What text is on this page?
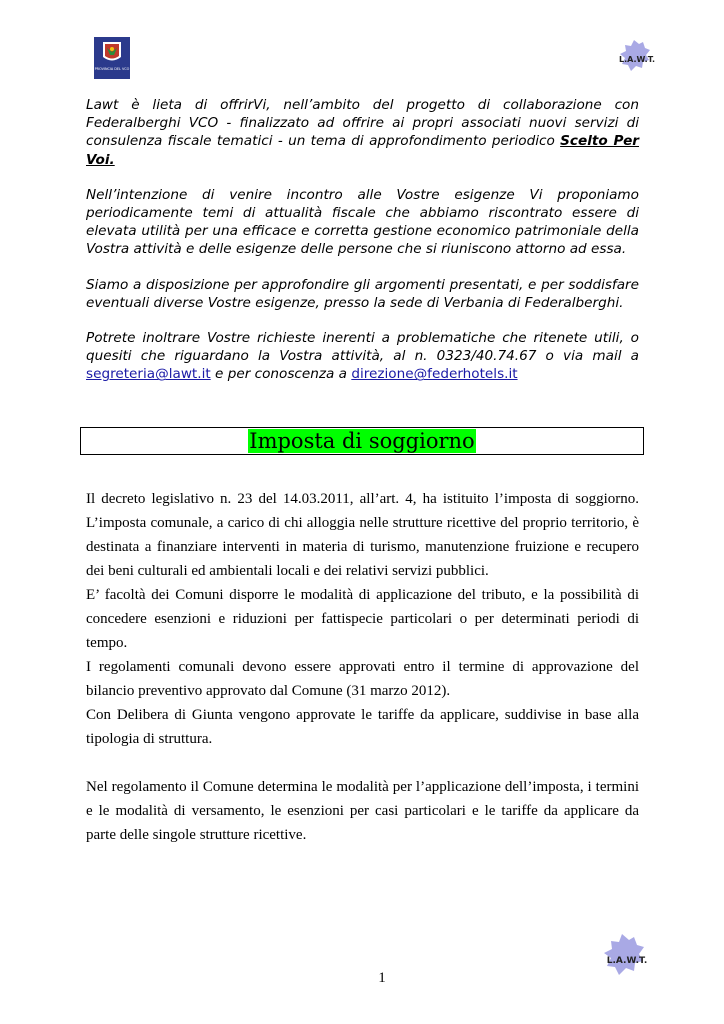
PROVINCIA DEL VCO
L.A.W.T.

Lawt è lieta di offrirVi, nell’ambito del progetto di collaborazione con Federalberghi VCO - finalizzato ad offrire ai propri associati nuovi servizi di consulenza fiscale tematici - un tema di approfondimento periodico Scelto Per Voi.

Nell’intenzione di venire incontro alle Vostre esigenze Vi proponiamo periodicamente temi di attualità fiscale che abbiamo riscontrato essere di elevata utilità per una efficace e corretta gestione economico patrimoniale della Vostra attività e delle esigenze delle persone che si riuniscono attorno ad essa.

Siamo a disposizione per approfondire gli argomenti presentati, e per soddisfare eventuali diverse Vostre esigenze, presso la sede di Verbania di Federalberghi.

Potrete inoltrare Vostre richieste inerenti a problematiche che ritenete utili, o quesiti che riguardano la Vostra attività, al n. 0323/40.74.67 o via mail a segreteria@lawt.it e per conoscenza a direzione@federhotels.it

Imposta di soggiorno

Il decreto legislativo n. 23 del 14.03.2011, all’art. 4, ha istituito l’imposta di soggiorno. L’imposta comunale, a carico di chi alloggia nelle strutture ricettive del proprio territorio, è destinata a finanziare interventi in materia di turismo, manutenzione fruizione e recupero dei beni culturali ed ambientali locali e dei relativi servizi pubblici.

E’ facoltà dei Comuni disporre le modalità di applicazione del tributo, e la possibilità di concedere esenzioni e riduzioni per fattispecie particolari o per determinati periodi di tempo.

I regolamenti comunali devono essere approvati entro il termine di approvazione del bilancio preventivo approvato dal Comune (31 marzo 2012).

Con Delibera di Giunta vengono approvate le tariffe da applicare, suddivise in base alla tipologia di struttura.

Nel regolamento il Comune determina le modalità per l’applicazione dell’imposta, i termini e le modalità di versamento, le esenzioni per casi particolari e le tariffe da applicare da parte delle singole strutture ricettive.

1
L.A.W.T.
